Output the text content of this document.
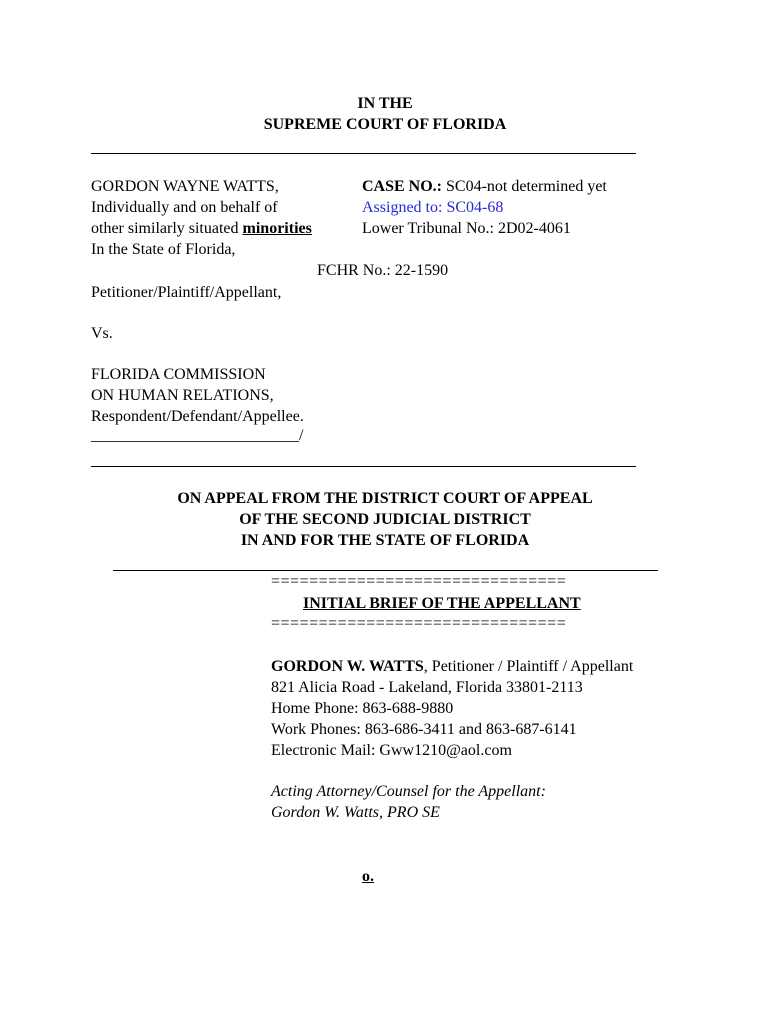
IN THE
SUPREME COURT OF FLORIDA
GORDON WAYNE WATTS,
Individually and on behalf of
other similarly situated minorities
In the State of Florida,
CASE NO.: SC04-not determined yet
Assigned to: SC04-68
Lower Tribunal No.: 2D02-4061
FCHR No.: 22-1590
Petitioner/Plaintiff/Appellant,
Vs.
FLORIDA COMMISSION
ON HUMAN RELATIONS,
Respondent/Defendant/Appellee.
__________________________/
ON APPEAL FROM THE DISTRICT COURT OF APPEAL
OF THE SECOND JUDICIAL DISTRICT
IN AND FOR THE STATE OF FLORIDA
===============================
INITIAL BRIEF OF THE APPELLANT
===============================
GORDON W. WATTS, Petitioner / Plaintiff / Appellant
821 Alicia Road - Lakeland, Florida 33801-2113
Home Phone: 863-688-9880
Work Phones: 863-686-3411 and 863-687-6141
Electronic Mail: Gww1210@aol.com
Acting Attorney/Counsel for the Appellant:
Gordon W. Watts, PRO SE
o.
